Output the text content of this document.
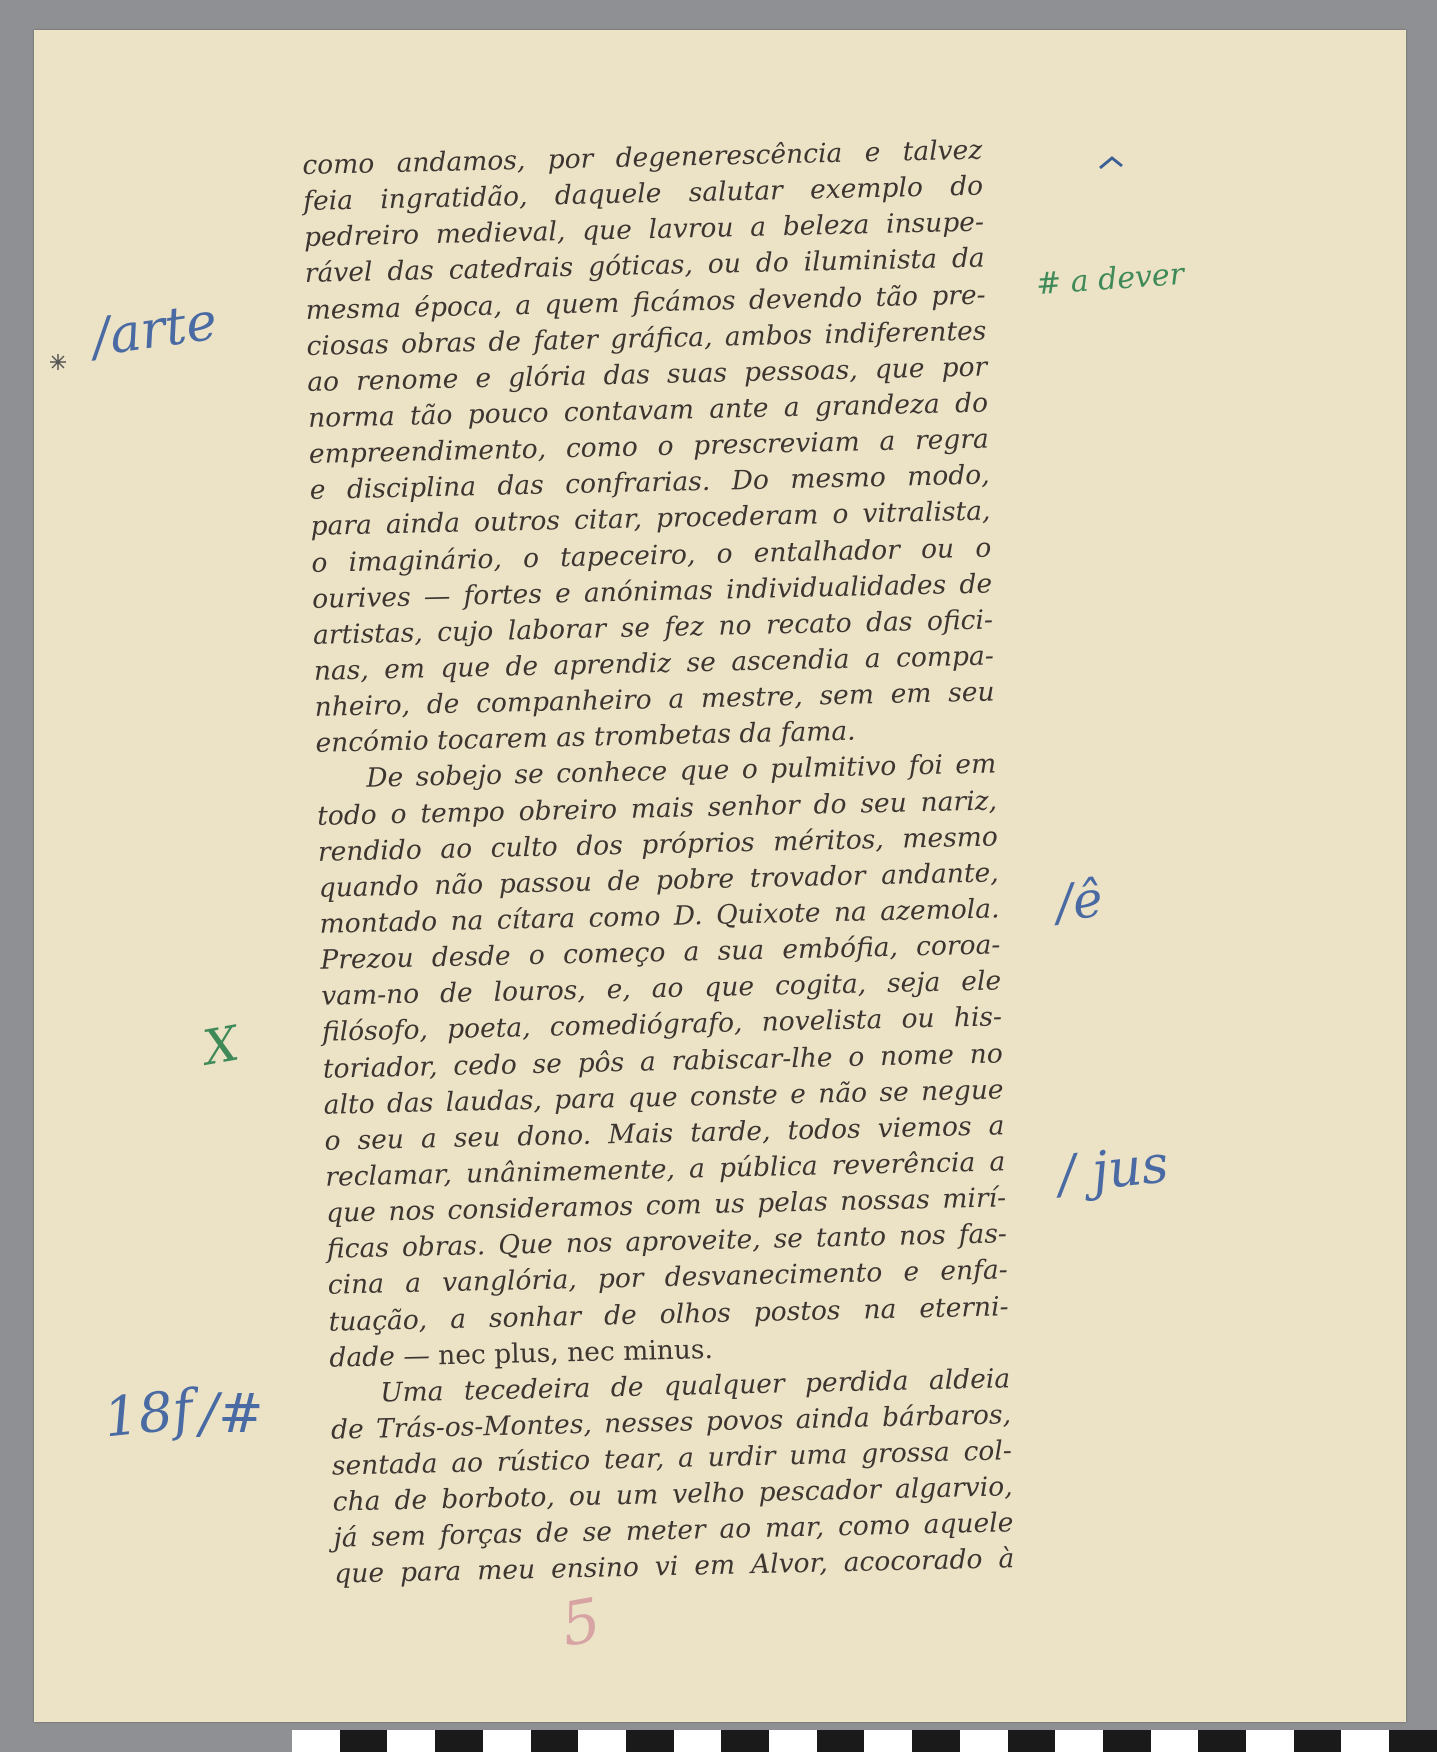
como andamos, por degenerescência e talvez
feia ingratidão, daquele salutar exemplo do
pedreiro medieval, que lavrou a beleza insupe-
rável das catedrais góticas, ou do iluminista da
mesma época, a quem ficámos devendo tão pre-
ciosas obras de fater gráfica, ambos indiferentes
ao renome e glória das suas pessoas, que por
norma tão pouco contavam ante a grandeza do
empreendimento, como o prescreviam a regra
e disciplina das confrarias. Do mesmo modo,
para ainda outros citar, procederam o vitralista,
o imaginário, o tapeceiro, o entalhador ou o
ourives — fortes e anónimas individualidades de
artistas, cujo laborar se fez no recato das ofici-
nas, em que de aprendiz se ascendia a compa-
nheiro, de companheiro a mestre, sem em seu
encómio tocarem as trombetas da fama.
De sobejo se conhece que o pulmitivo foi em
todo o tempo obreiro mais senhor do seu nariz,
rendido ao culto dos próprios méritos, mesmo
quando não passou de pobre trovador andante,
montado na cítara como D. Quixote na azemola.
Prezou desde o começo a sua embófia, coroa-
vam-no de louros, e, ao que cogita, seja ele
filósofo, poeta, comediógrafo, novelista ou his-
toriador, cedo se pôs a rabiscar-lhe o nome no
alto das laudas, para que conste e não se negue
o seu a seu dono. Mais tarde, todos viemos a
reclamar, unânimemente, a pública reverência a
que nos consideramos com us pelas nossas mirí-
ficas obras. Que nos aproveite, se tanto nos fas-
cina a vanglória, por desvanecimento e enfa-
tuação, a sonhar de olhos postos na eterni-
dade — nec plus, nec minus.
Uma tecedeira de qualquer perdida aldeia
de Trás-os-Montes, nesses povos ainda bárbaros,
sentada ao rústico tear, a urdir uma grossa col-
cha de borboto, ou um velho pescador algarvio,
já sem forças de se meter ao mar, como aquele
que para meu ensino vi em Alvor, acocorado à
/arte
# a dever
/ê
/ jus
X
18f /#
5
